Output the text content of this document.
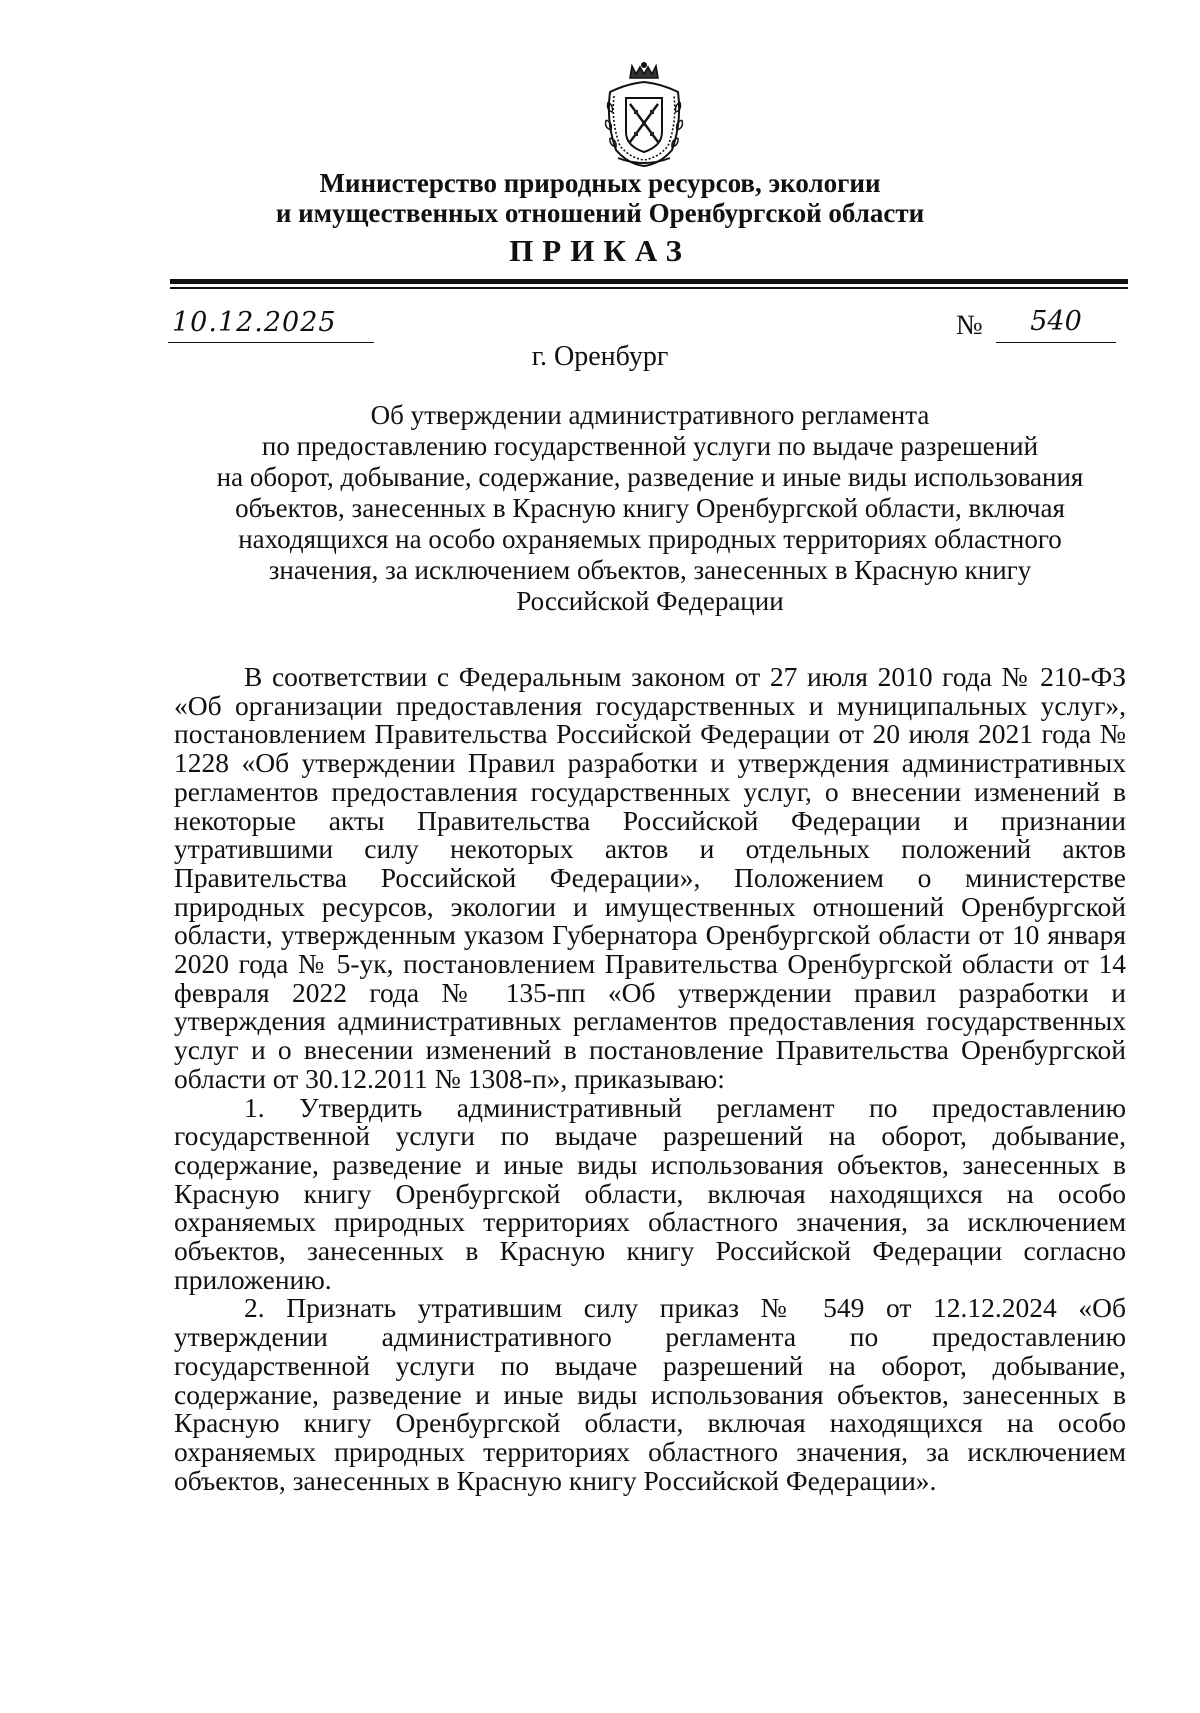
Министерство природных ресурсов, экологии
и имущественных отношений Оренбургской области
ПРИКАЗ
10.12.2025	№	540
г. Оренбург
Об утверждении административного регламента
по предоставлению государственной услуги по выдаче разрешений
на оборот, добывание, содержание, разведение и иные виды использования
объектов, занесенных в Красную книгу Оренбургской области, включая
находящихся на особо охраняемых природных территориях областного
значения, за исключением объектов, занесенных в Красную книгу
Российской Федерации

В соответствии с Федеральным законом от 27 июля 2010 года № 210-ФЗ «Об организации предоставления государственных и муниципальных услуг», постановлением Правительства Российской Федерации от 20 июля 2021 года № 1228 «Об утверждении Правил разработки и утверждения административных регламентов предоставления государственных услуг, о внесении изменений в некоторые акты Правительства Российской Федерации и признании утратившими силу некоторых актов и отдельных положений актов Правительства Российской Федерации», Положением о министерстве природных ресурсов, экологии и имущественных отношений Оренбургской области, утвержденным указом Губернатора Оренбургской области от 10 января 2020 года № 5-ук, постановлением Правительства Оренбургской области от 14 февраля 2022 года № 135-пп «Об утверждении правил разработки и утверждения административных регламентов предоставления государственных услуг и о внесении изменений в постановление Правительства Оренбургской области от 30.12.2011 № 1308-п», приказываю:

1. Утвердить административный регламент по предоставлению государственной услуги по выдаче разрешений на оборот, добывание, содержание, разведение и иные виды использования объектов, занесенных в Красную книгу Оренбургской области, включая находящихся на особо охраняемых природных территориях областного значения, за исключением объектов, занесенных в Красную книгу Российской Федерации согласно приложению.

2. Признать утратившим силу приказ № 549 от 12.12.2024 «Об утверждении административного регламента по предоставлению государственной услуги по выдаче разрешений на оборот, добывание, содержание, разведение и иные виды использования объектов, занесенных в Красную книгу Оренбургской области, включая находящихся на особо охраняемых природных территориях областного значения, за исключением объектов, занесенных в Красную книгу Российской Федерации».
